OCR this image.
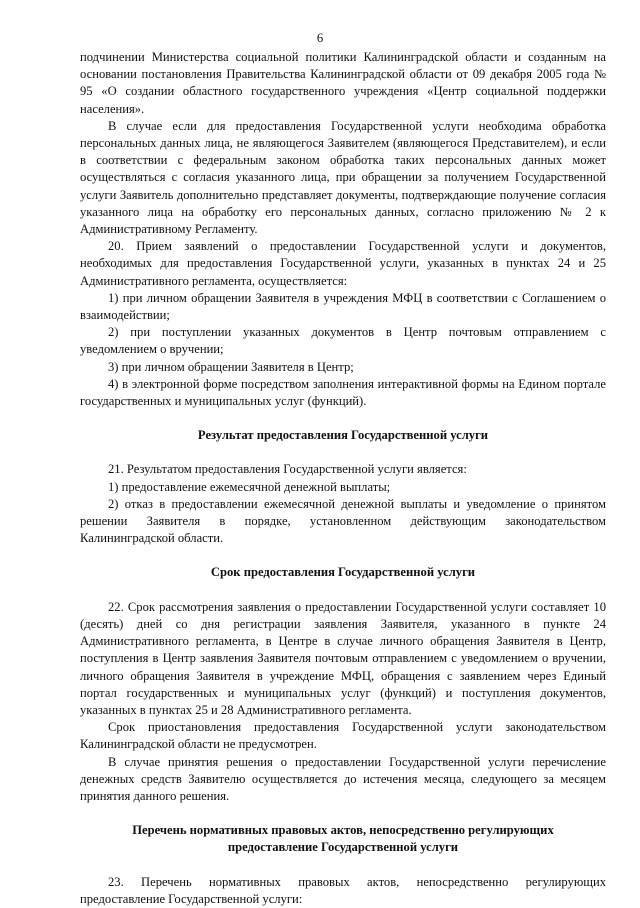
6

подчинении Министерства социальной политики Калининградской области и созданным на основании постановления Правительства Калининградской области от 09 декабря 2005 года № 95 «О создании областного государственного учреждения «Центр социальной поддержки населения».

В случае если для предоставления Государственной услуги необходима обработка персональных данных лица, не являющегося Заявителем (являющегося Представителем), и если в соответствии с федеральным законом обработка таких персональных данных может осуществляться с согласия указанного лица, при обращении за получением Государственной услуги Заявитель дополнительно представляет документы, подтверждающие получение согласия указанного лица на обработку его персональных данных, согласно приложению № 2 к Административному Регламенту.

20. Прием заявлений о предоставлении Государственной услуги и документов, необходимых для предоставления Государственной услуги, указанных в пунктах 24 и 25 Административного регламента, осуществляется:

1) при личном обращении Заявителя в учреждения МФЦ в соответствии с Соглашением о взаимодействии;

2) при поступлении указанных документов в Центр почтовым отправлением с уведомлением о вручении;

3) при личном обращении Заявителя в Центр;

4) в электронной форме посредством заполнения интерактивной формы на Едином портале государственных и муниципальных услуг (функций).

Результат предоставления Государственной услуги

21. Результатом предоставления Государственной услуги является:

1) предоставление ежемесячной денежной выплаты;

2) отказ в предоставлении ежемесячной денежной выплаты и уведомление о принятом решении Заявителя в порядке, установленном действующим законодательством Калининградской области.

Срок предоставления Государственной услуги

22. Срок рассмотрения заявления о предоставлении Государственной услуги составляет 10 (десять) дней со дня регистрации заявления Заявителя, указанного в пункте 24 Административного регламента, в Центре в случае личного обращения Заявителя в Центр, поступления в Центр заявления Заявителя почтовым отправлением с уведомлением о вручении, личного обращения Заявителя в учреждение МФЦ, обращения с заявлением через Единый портал государственных и муниципальных услуг (функций) и поступления документов, указанных в пунктах 25 и 28 Административного регламента.

Срок приостановления предоставления Государственной услуги законодательством Калининградской области не предусмотрен.

В случае принятия решения о предоставлении Государственной услуги перечисление денежных средств Заявителю осуществляется до истечения месяца, следующего за месяцем принятия данного решения.

Перечень нормативных правовых актов, непосредственно регулирующих

предоставление Государственной услуги

23. Перечень нормативных правовых актов, непосредственно регулирующих предоставление Государственной услуги:
